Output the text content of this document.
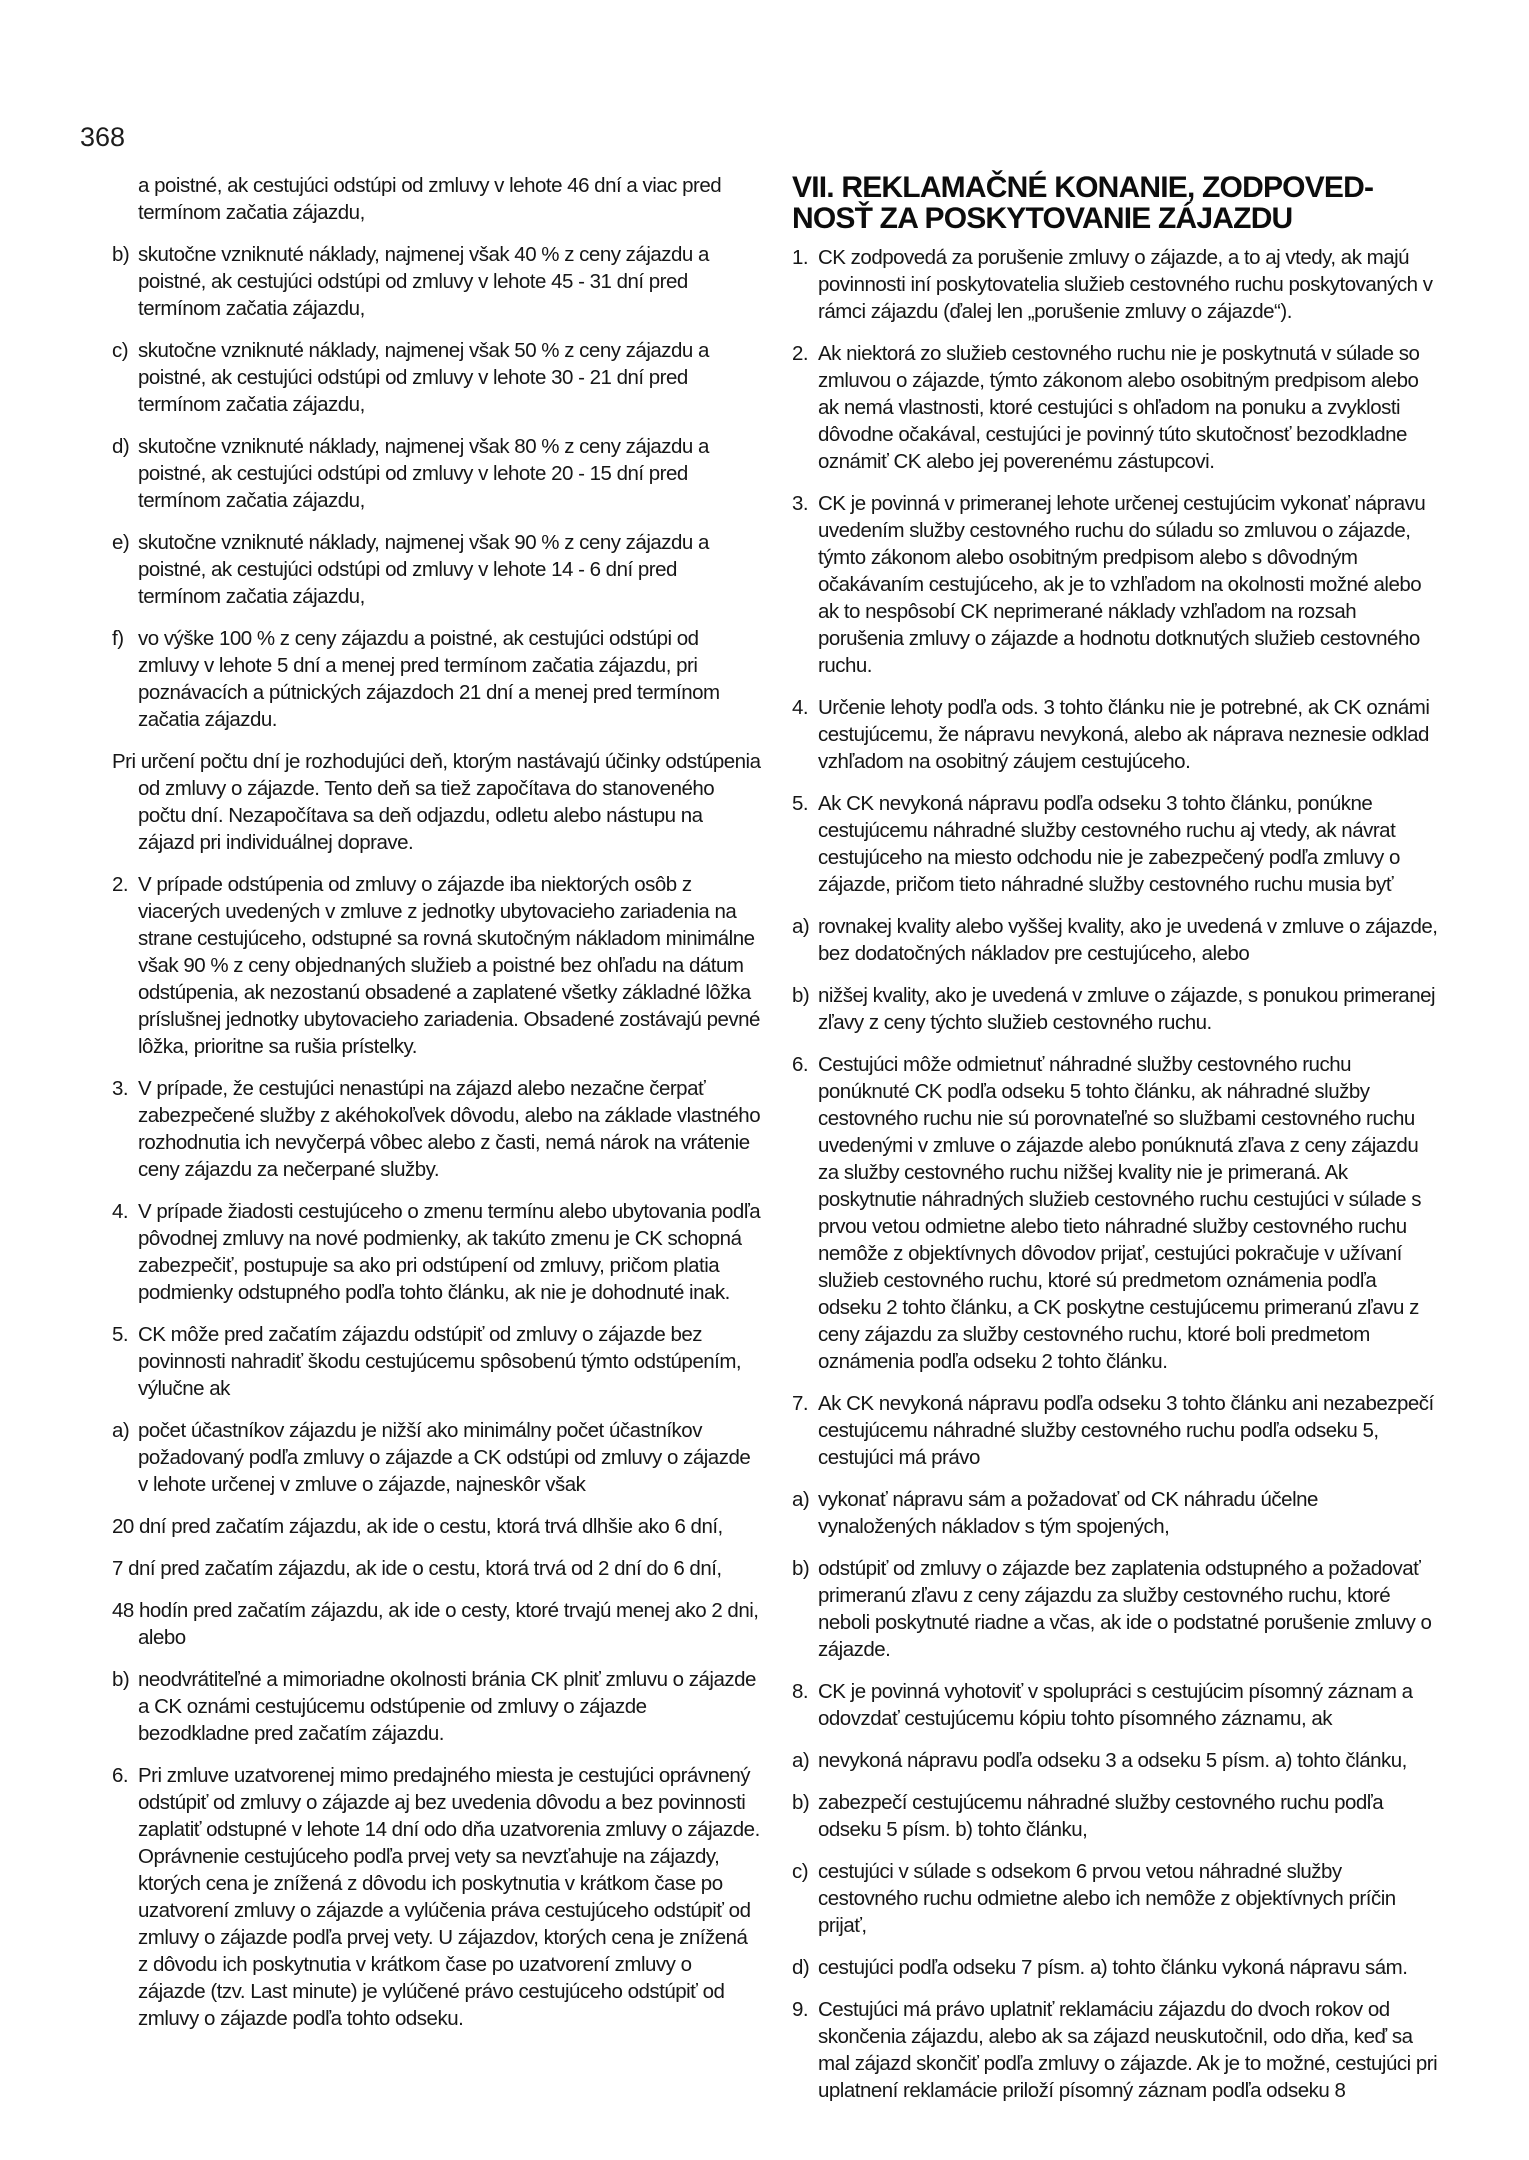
368

a poistné, ak cestujúci odstúpi od zmluvy v lehote 46 dní a viac pred termínom začatia zájazdu,

b) skutočne vzniknuté náklady, najmenej však 40 % z ceny zájazdu a poistné, ak cestujúci odstúpi od zmluvy v lehote 45 - 31 dní pred termínom začatia zájazdu,

c) skutočne vzniknuté náklady, najmenej však 50 % z ceny zájazdu a poistné, ak cestujúci odstúpi od zmluvy v lehote 30 - 21 dní pred termínom začatia zájazdu,

d) skutočne vzniknuté náklady, najmenej však 80 % z ceny zájazdu a poistné, ak cestujúci odstúpi od zmluvy v lehote 20 - 15 dní pred termínom začatia zájazdu,

e) skutočne vzniknuté náklady, najmenej však 90 % z ceny zájazdu a poistné, ak cestujúci odstúpi od zmluvy v lehote 14 - 6 dní pred termínom začatia zájazdu,

f) vo výške 100 % z ceny zájazdu a poistné, ak cestujúci odstúpi od zmluvy v lehote 5 dní a menej pred termínom začatia zájazdu, pri poznávacích a pútnických zájazdoch 21 dní a menej pred termínom začatia zájazdu.

Pri určení počtu dní je rozhodujúci deň, ktorým nastávajú účinky odstúpenia od zmluvy o zájazde. Tento deň sa tiež započítava do stanoveného počtu dní. Nezapočítava sa deň odjazdu, odletu alebo nástupu na zájazd pri individuálnej doprave.

2. V prípade odstúpenia od zmluvy o zájazde iba niektorých osôb z viacerých uvedených v zmluve z jednotky ubytovacieho zariadenia na strane cestujúceho, odstupné sa rovná skutočným nákladom minimálne však 90 % z ceny objednaných služieb a poistné bez ohľadu na dátum odstúpenia, ak nezostanú obsadené a zaplatené všetky základné lôžka príslušnej jednotky ubytovacieho zariadenia. Obsadené zostávajú pevné lôžka, prioritne sa rušia prístelky.

3. V prípade, že cestujúci nenastúpi na zájazd alebo nezačne čerpať zabezpečené služby z akéhokoľvek dôvodu, alebo na základe vlastného rozhodnutia ich nevyčerpá vôbec alebo z časti, nemá nárok na vrátenie ceny zájazdu za nečerpané služby.

4. V prípade žiadosti cestujúceho o zmenu termínu alebo ubytovania podľa pôvodnej zmluvy na nové podmienky, ak takúto zmenu je CK schopná zabezpečiť, postupuje sa ako pri odstúpení od zmluvy, pričom platia podmienky odstupného podľa tohto článku, ak nie je dohodnuté inak.

5. CK môže pred začatím zájazdu odstúpiť od zmluvy o zájazde bez povinnosti nahradiť škodu cestujúcemu spôsobenú týmto odstúpením, výlučne ak

a) počet účastníkov zájazdu je nižší ako minimálny počet účastníkov požadovaný podľa zmluvy o zájazde a CK odstúpi od zmluvy o zájazde v lehote určenej v zmluve o zájazde, najneskôr však

20 dní pred začatím zájazdu, ak ide o cestu, ktorá trvá dlhšie ako 6 dní,

7 dní pred začatím zájazdu, ak ide o cestu, ktorá trvá od 2 dní do 6 dní,

48 hodín pred začatím zájazdu, ak ide o cesty, ktoré trvajú menej ako 2 dni, alebo

b) neodvrátiteľné a mimoriadne okolnosti bránia CK plniť zmluvu o zájazde a CK oznámi cestujúcemu odstúpenie od zmluvy o zájazde bezodkladne pred začatím zájazdu.

6. Pri zmluve uzatvorenej mimo predajného miesta je cestujúci oprávnený odstúpiť od zmluvy o zájazde aj bez uvedenia dôvodu a bez povinnosti zaplatiť odstupné v lehote 14 dní odo dňa uzatvorenia zmluvy o zájazde. Oprávnenie cestujúceho podľa prvej vety sa nevzťahuje na zájazdy, ktorých cena je znížená z dôvodu ich poskytnutia v krátkom čase po uzatvorení zmluvy o zájazde a vylúčenia práva cestujúceho odstúpiť od zmluvy o zájazde podľa prvej vety. U zájazdov, ktorých cena je znížená z dôvodu ich poskytnutia v krátkom čase po uzatvorení zmluvy o zájazde (tzv. Last minute) je vylúčené právo cestujúceho odstúpiť od zmluvy o zájazde podľa tohto odseku.

VII. REKLAMAČNÉ KONANIE, ZODPOVED-
NOSŤ ZA POSKYTOVANIE ZÁJAZDU

1. CK zodpovedá za porušenie zmluvy o zájazde, a to aj vtedy, ak majú povinnosti iní poskytovatelia služieb cestovného ruchu poskytovaných v rámci zájazdu (ďalej len „porušenie zmluvy o zájazde“).

2. Ak niektorá zo služieb cestovného ruchu nie je poskytnutá v súlade so zmluvou o zájazde, týmto zákonom alebo osobitným predpisom alebo ak nemá vlastnosti, ktoré cestujúci s ohľadom na ponuku a zvyklosti dôvodne očakával, cestujúci je povinný túto skutočnosť bezodkladne oznámiť CK alebo jej poverenému zástupcovi.

3. CK je povinná v primeranej lehote určenej cestujúcim vykonať nápravu uvedením služby cestovného ruchu do súladu so zmluvou o zájazde, týmto zákonom alebo osobitným predpisom alebo s dôvodným očakávaním cestujúceho, ak je to vzhľadom na okolnosti možné alebo ak to nespôsobí CK neprimerané náklady vzhľadom na rozsah porušenia zmluvy o zájazde a hodnotu dotknutých služieb cestovného ruchu.

4. Určenie lehoty podľa ods. 3 tohto článku nie je potrebné, ak CK oznámi cestujúcemu, že nápravu nevykoná, alebo ak náprava neznesie odklad vzhľadom na osobitný záujem cestujúceho.

5. Ak CK nevykoná nápravu podľa odseku 3 tohto článku, ponúkne cestujúcemu náhradné služby cestovného ruchu aj vtedy, ak návrat cestujúceho na miesto odchodu nie je zabezpečený podľa zmluvy o zájazde, pričom tieto náhradné služby cestovného ruchu musia byť

a) rovnakej kvality alebo vyššej kvality, ako je uvedená v zmluve o zájazde, bez dodatočných nákladov pre cestujúceho, alebo

b) nižšej kvality, ako je uvedená v zmluve o zájazde, s ponukou primeranej zľavy z ceny týchto služieb cestovného ruchu.

6. Cestujúci môže odmietnuť náhradné služby cestovného ruchu ponúknuté CK podľa odseku 5 tohto článku, ak náhradné služby cestovného ruchu nie sú porovnateľné so službami cestovného ruchu uvedenými v zmluve o zájazde alebo ponúknutá zľava z ceny zájazdu za služby cestovného ruchu nižšej kvality nie je primeraná. Ak poskytnutie náhradných služieb cestovného ruchu cestujúci v súlade s prvou vetou odmietne alebo tieto náhradné služby cestovného ruchu nemôže z objektívnych dôvodov prijať, cestujúci pokračuje v užívaní služieb cestovného ruchu, ktoré sú predmetom oznámenia podľa odseku 2 tohto článku, a CK poskytne cestujúcemu primeranú zľavu z ceny zájazdu za služby cestovného ruchu, ktoré boli predmetom oznámenia podľa odseku 2 tohto článku.

7. Ak CK nevykoná nápravu podľa odseku 3 tohto článku ani nezabezpečí cestujúcemu náhradné služby cestovného ruchu podľa odseku 5, cestujúci má právo

a) vykonať nápravu sám a požadovať od CK náhradu účelne vynaložených nákladov s tým spojených,

b) odstúpiť od zmluvy o zájazde bez zaplatenia odstupného a požadovať primeranú zľavu z ceny zájazdu za služby cestovného ruchu, ktoré neboli poskytnuté riadne a včas, ak ide o podstatné porušenie zmluvy o zájazde.

8. CK je povinná vyhotoviť v spolupráci s cestujúcim písomný záznam a odovzdať cestujúcemu kópiu tohto písomného záznamu, ak

a) nevykoná nápravu podľa odseku 3 a odseku 5 písm. a) tohto článku,

b) zabezpečí cestujúcemu náhradné služby cestovného ruchu podľa odseku 5 písm. b) tohto článku,

c) cestujúci v súlade s odsekom 6 prvou vetou náhradné služby cestovného ruchu odmietne alebo ich nemôže z objektívnych príčin prijať,

d) cestujúci podľa odseku 7 písm. a) tohto článku vykoná nápravu sám.

9. Cestujúci má právo uplatniť reklamáciu zájazdu do dvoch rokov od skončenia zájazdu, alebo ak sa zájazd neuskutočnil, odo dňa, keď sa mal zájazd skončiť podľa zmluvy o zájazde. Ak je to možné, cestujúci pri uplatnení reklamácie priloží písomný záznam podľa odseku 8
